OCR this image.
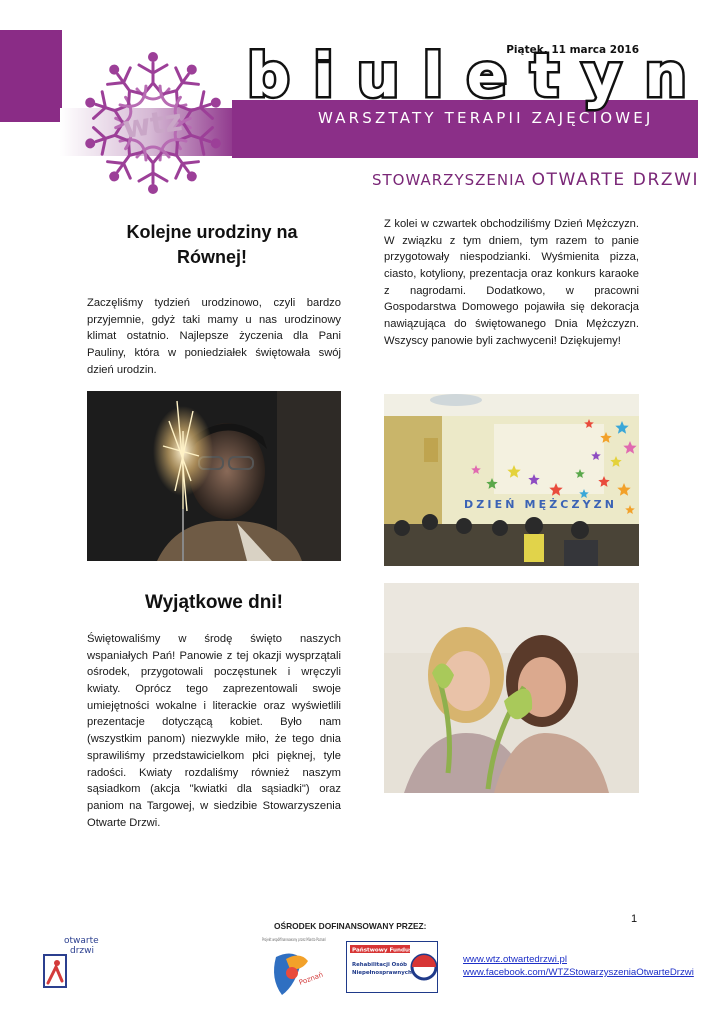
wtz
Piątek, 11 marca 2016
biuletyn
WARSZTATY TERAPII ZAJĘCIOWEJ
STOWARZYSZENIA OTWARTE DRZWI
Kolejne urodziny na Równej!

Zaczęliśmy tydzień urodzinowo, czyli bardzo przyjemnie, gdyż taki mamy u nas urodzinowy klimat ostatnio. Najlepsze życzenia dla Pani Pauliny, która w poniedziałek świętowała swój dzień urodzin.

Z kolei w czwartek obchodziliśmy Dzień Mężczyzn. W związku z tym dniem, tym razem to panie przygotowały niespodzianki. Wyśmienita pizza, ciasto, kotyliony, prezentacja oraz konkurs karaoke z nagrodami. Dodatkowo, w pracowni Gospodarstwa Domowego pojawiła się dekoracja nawiązująca do świętowanego Dnia Mężczyzn. Wszyscy panowie byli zachwyceni! Dziękujemy!

DZIEŃ MĘŻCZYZN
Wyjątkowe dni!

Świętowaliśmy w środę święto naszych wspaniałych Pań! Panowie z tej okazji wysprzątali ośrodek, przygotowali poczęstunek i wręczyli kwiaty. Oprócz tego zaprezentowali swoje umiejętności wokalne i literackie oraz wyświetlili prezentacje dotyczącą kobiet. Było nam (wszystkim panom) niezwykle miło, że tego dnia sprawiliśmy przedstawicielkom płci pięknej, tyle radości. Kwiaty rozdaliśmy również naszym sąsiadkom (akcja "kwiatki dla sąsiadki") oraz paniom na Targowej, w siedzibie Stowarzyszenia Otwarte Drzwi.

1
OŚRODEK DOFINANSOWANY PRZEZ:
otwarte
drzwi
Projekt współfinansowany przez Miasto Poznań
Poznań
Państwowy Fundusz
Rehabilitacji Osób
Niepełnosprawnych
www.wtz.otwartedrzwi.pl
www.facebook.com/WTZStowarzyszeniaOtwarteDrzwi
